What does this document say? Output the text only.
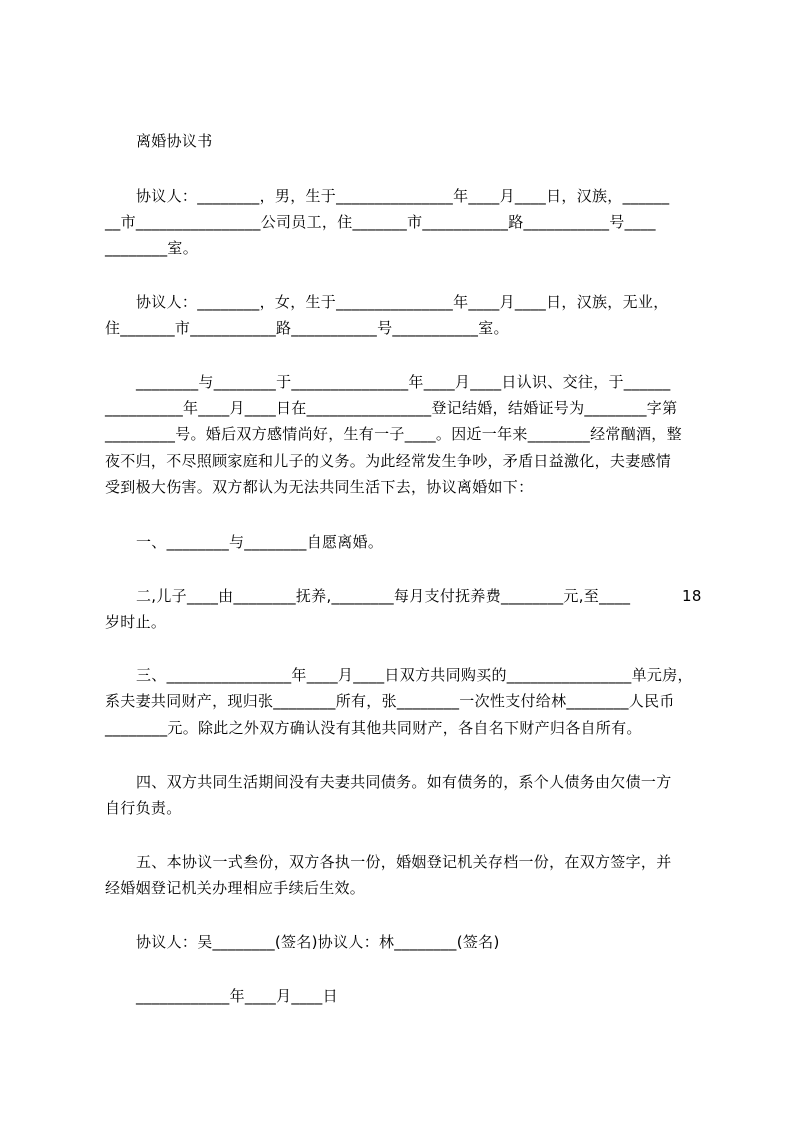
离婚协议书
协议人：________，男，生于_______________年____月____日，汉族，______
__市________________公司员工，住_______市___________路___________号____
________室。
协议人：________，女，生于_______________年____月____日，汉族，无业，
住_______市___________路___________号___________室。
________与________于_______________年____月____日认识、交往，于______
__________年____月____日在________________登记结婚，结婚证号为________字第
_________号。婚后双方感情尚好，生有一子____。因近一年来________经常酗酒，整
夜不归，不尽照顾家庭和儿子的义务。为此经常发生争吵，矛盾日益激化，夫妻感情
受到极大伤害。双方都认为无法共同生活下去，协议离婚如下：
一、________与________自愿离婚。
二,儿子____由________抚养,________每月支付抚养费________元,至____	18
岁时止。
三、________________年____月____日双方共同购买的________________单元房，
系夫妻共同财产，现归张________所有，张________一次性支付给林________人民币
________元。除此之外双方确认没有其他共同财产，各自名下财产归各自所有。
四、双方共同生活期间没有夫妻共同债务。如有债务的，系个人债务由欠债一方
自行负责。
五、本协议一式叁份，双方各执一份，婚姻登记机关存档一份，在双方签字，并
经婚姻登记机关办理相应手续后生效。
协议人：吴________(签名)协议人：林________(签名)
____________年____月____日
